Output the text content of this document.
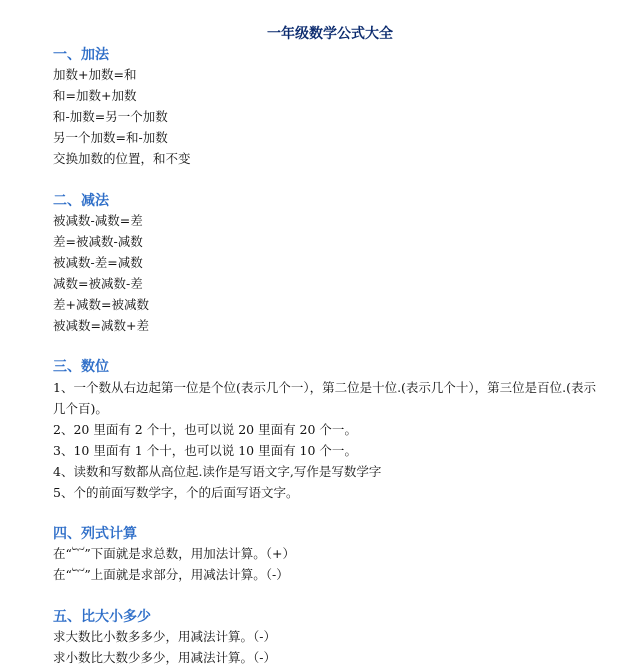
一年级数学公式大全
一、加法
加数+加数=和
和=加数+加数
和-加数=另一个加数
另一个加数=和-加数
交换加数的位置，和不变
二、减法
被减数-减数=差
差=被减数-减数
被减数-差=减数
减数=被减数-差
差+减数=被减数
被减数=减数+差
三、数位
1、一个数从右边起第一位是个位(表示几个一），第二位是十位.(表示几个十），第三位是百位.(表示几个百)。
2、20 里面有 2 个十，也可以说 20 里面有 20 个一。
3、10 里面有 1 个十，也可以说 10 里面有 10 个一。
4、读数和写数都从高位起.读作是写语文字,写作是写数学字
5、个的前面写数学字，个的后面写语文字。
四、列式计算
在“︸”下面就是求总数，用加法计算。（+）
在“︸”上面就是求部分，用减法计算。（-）
五、比大小多少
求大数比小数多多少，用减法计算。（-）
求小数比大数少多少，用减法计算。（-）
